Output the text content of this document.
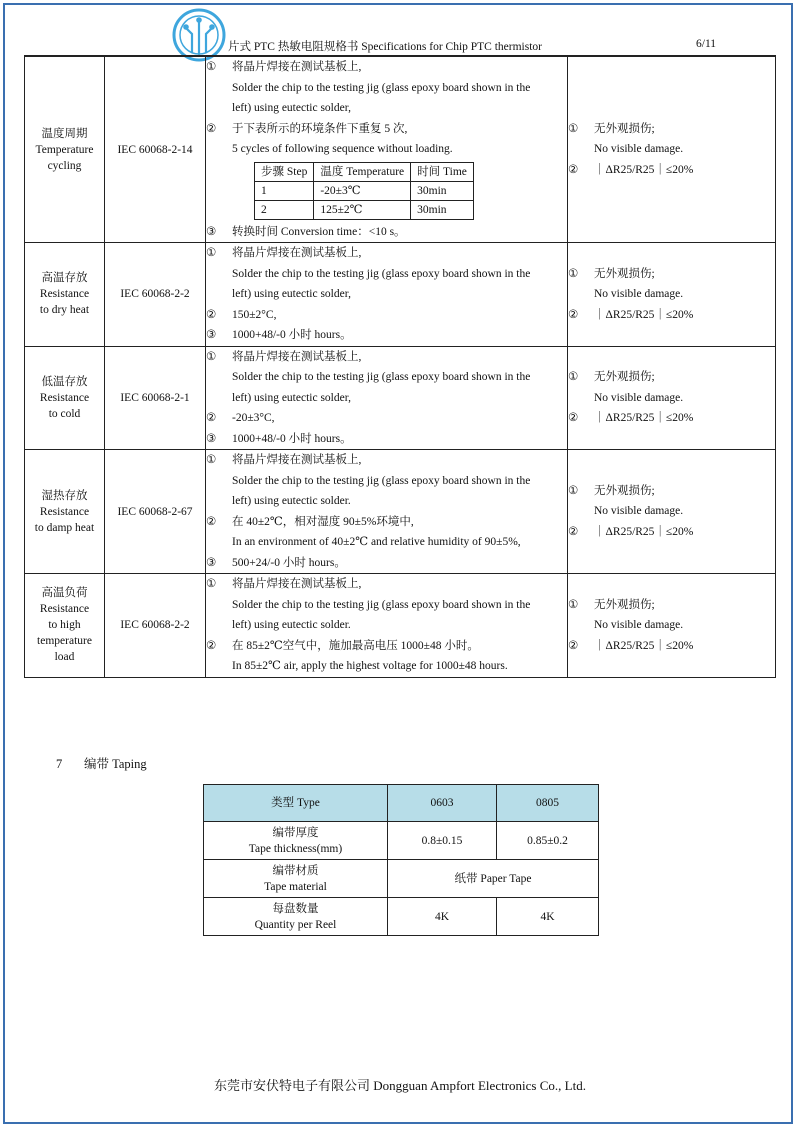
片式 PTC 热敏电阻规格书 Specifications for Chip PTC thermistor	6/11
温度周期
Temperature
cycling
	IEC 60068-2-14	
① 将晶片焊接在测试基板上,
Solder the chip to the testing jig (glass epoxy board shown in the
left) using eutectic solder,
② 于下表所示的环境条件下重复 5 次,
5 cycles of following sequence without loading.
步骤 Step	温度 Temperature	时间 Time
1	-20±3℃	30min
2	125±2℃	30min
③ 转换时间 Conversion time：<10 s。

① 无外观损伤;
No visible damage.
② ｜ΔR25/R25｜≤20%

高温存放
Resistance
to dry heat
	IEC 60068-2-2	
① 将晶片焊接在测试基板上,
Solder the chip to the testing jig (glass epoxy board shown in the
left) using eutectic solder,
② 150±2°C,
③ 1000+48/-0 小时 hours。

① 无外观损伤;
No visible damage.
② ｜ΔR25/R25｜≤20%

低温存放
Resistance
to cold
	IEC 60068-2-1	
① 将晶片焊接在测试基板上,
Solder the chip to the testing jig (glass epoxy board shown in the
left) using eutectic solder,
② -20±3°C,
③ 1000+48/-0 小时 hours。

① 无外观损伤;
No visible damage.
② ｜ΔR25/R25｜≤20%

湿热存放
Resistance
to damp heat
	IEC 60068-2-67	
① 将晶片焊接在测试基板上,
Solder the chip to the testing jig (glass epoxy board shown in the
left) using eutectic solder.
② 在 40±2℃，相对湿度 90±5%环境中,
In an environment of 40±2℃ and relative humidity of 90±5%,
③ 500+24/-0 小时 hours。

① 无外观损伤;
No visible damage.
② ｜ΔR25/R25｜≤20%

高温负荷
Resistance
to high
temperature
load
	IEC 60068-2-2	
① 将晶片焊接在测试基板上,
Solder the chip to the testing jig (glass epoxy board shown in the
left) using eutectic solder.
② 在 85±2℃空气中，施加最高电压 1000±48 小时。
In 85±2℃ air, apply the highest voltage for 1000±48 hours.

① 无外观损伤;
No visible damage.
② ｜ΔR25/R25｜≤20%
7 编带 Taping
类型 Type	0603	0805

编带厚度
Tape thickness(mm)	0.8±0.15	0.85±0.2

编带材质
Tape material	纸带 Paper Tape	

每盘数量
Quantity per Reel	4K	4K
东莞市安伏特电子有限公司 Dongguan Ampfort Electronics Co., Ltd.
